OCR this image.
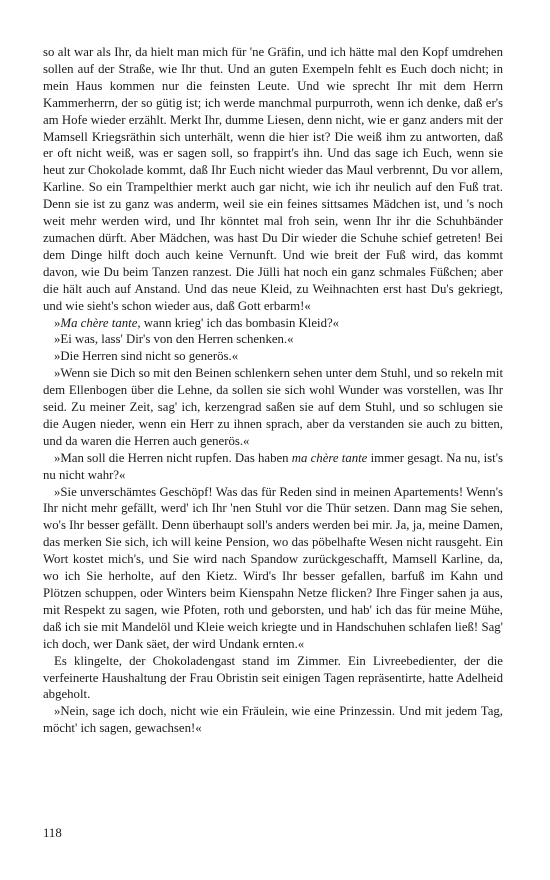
so alt war als Ihr, da hielt man mich für 'ne Gräfin, und ich hätte mal den Kopf umdrehen sollen auf der Straße, wie Ihr thut. Und an guten Exempeln fehlt es Euch doch nicht; in mein Haus kommen nur die feinsten Leute. Und wie sprecht Ihr mit dem Herrn Kammerherrn, der so gütig ist; ich werde manchmal purpurroth, wenn ich denke, daß er's am Hofe wieder erzählt. Merkt Ihr, dumme Liesen, denn nicht, wie er ganz anders mit der Mamsell Kriegsräthin sich unterhält, wenn die hier ist? Die weiß ihm zu antworten, daß er oft nicht weiß, was er sagen soll, so frappirt's ihn. Und das sage ich Euch, wenn sie heut zur Chokolade kommt, daß Ihr Euch nicht wieder das Maul verbrennt, Du vor allem, Karline. So ein Trampelthier merkt auch gar nicht, wie ich ihr neulich auf den Fuß trat. Denn sie ist zu ganz was anderm, weil sie ein feines sittsames Mädchen ist, und 's noch weit mehr werden wird, und Ihr könntet mal froh sein, wenn Ihr ihr die Schuhbänder zumachen dürft. Aber Mädchen, was hast Du Dir wieder die Schuhe schief getreten! Bei dem Dinge hilft doch auch keine Vernunft. Und wie breit der Fuß wird, das kommt davon, wie Du beim Tanzen ranzest. Die Jülli hat noch ein ganz schmales Füßchen; aber die hält auch auf Anstand. Und das neue Kleid, zu Weihnachten erst hast Du's gekriegt, und wie sieht's schon wieder aus, daß Gott erbarm!«

»Ma chère tante, wann krieg' ich das bombasin Kleid?«

»Ei was, lass' Dir's von den Herren schenken.«

»Die Herren sind nicht so generös.«

»Wenn sie Dich so mit den Beinen schlenkern sehen unter dem Stuhl, und so rekeln mit dem Ellenbogen über die Lehne, da sollen sie sich wohl Wunder was vorstellen, was Ihr seid. Zu meiner Zeit, sag' ich, kerzengrad saßen sie auf dem Stuhl, und so schlugen sie die Augen nieder, wenn ein Herr zu ihnen sprach, aber da verstanden sie auch zu bitten, und da waren die Herren auch generös.«

»Man soll die Herren nicht rupfen. Das haben ma chère tante immer gesagt. Na nu, ist's nu nicht wahr?«

»Sie unverschämtes Geschöpf! Was das für Reden sind in meinen Apartements! Wenn's Ihr nicht mehr gefällt, werd' ich Ihr 'nen Stuhl vor die Thür setzen. Dann mag Sie sehen, wo's Ihr besser gefällt. Denn überhaupt soll's anders werden bei mir. Ja, ja, meine Damen, das merken Sie sich, ich will keine Pension, wo das pöbelhafte Wesen nicht rausgeht. Ein Wort kostet mich's, und Sie wird nach Spandow zurückgeschafft, Mamsell Karline, da, wo ich Sie herholte, auf den Kietz. Wird's Ihr besser gefallen, barfuß im Kahn und Plötzen schuppen, oder Winters beim Kienspahn Netze flicken? Ihre Finger sahen ja aus, mit Respekt zu sagen, wie Pfoten, roth und geborsten, und hab' ich das für meine Mühe, daß ich sie mit Mandelöl und Kleie weich kriegte und in Handschuhen schlafen ließ! Sag' ich doch, wer Dank säet, der wird Undank ernten.«

Es klingelte, der Chokoladengast stand im Zimmer. Ein Livreebedienter, der die verfeinerte Haushaltung der Frau Obristin seit einigen Tagen repräsentirte, hatte Adelheid abgeholt.

»Nein, sage ich doch, nicht wie ein Fräulein, wie eine Prinzessin. Und mit jedem Tag, möcht' ich sagen, gewachsen!«

118
